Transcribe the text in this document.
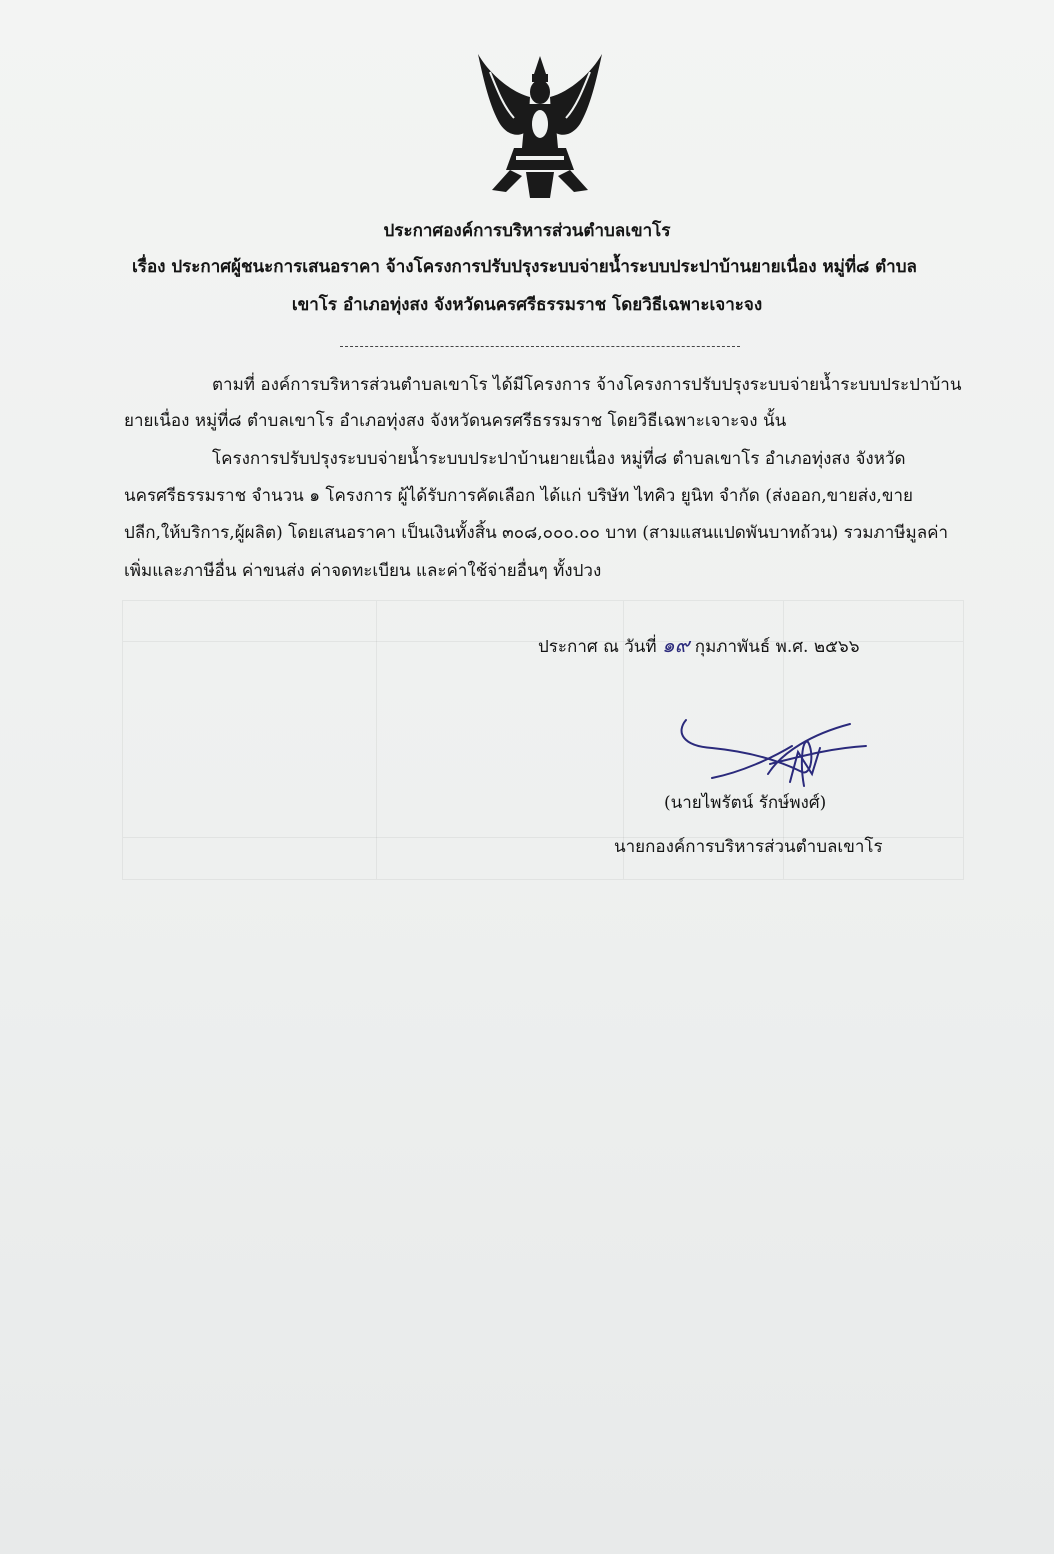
ประกาศองค์การบริหารส่วนตำบลเขาโร
เรื่อง ประกาศผู้ชนะการเสนอราคา จ้างโครงการปรับปรุงระบบจ่ายน้ำระบบประปาบ้านยายเนื่อง หมู่ที่๘ ตำบล
เขาโร อำเภอทุ่งสง จังหวัดนครศรีธรรมราช โดยวิธีเฉพาะเจาะจง
ตามที่ องค์การบริหารส่วนตำบลเขาโร ได้มีโครงการ จ้างโครงการปรับปรุงระบบจ่ายน้ำระบบประปาบ้าน
ยายเนื่อง หมู่ที่๘ ตำบลเขาโร อำเภอทุ่งสง จังหวัดนครศรีธรรมราช โดยวิธีเฉพาะเจาะจง นั้น
โครงการปรับปรุงระบบจ่ายน้ำระบบประปาบ้านยายเนื่อง หมู่ที่๘ ตำบลเขาโร อำเภอทุ่งสง จังหวัด
นครศรีธรรมราช จำนวน ๑ โครงการ ผู้ได้รับการคัดเลือก ได้แก่ บริษัท ไทคิว ยูนิท จำกัด (ส่งออก,ขายส่ง,ขาย
ปลีก,ให้บริการ,ผู้ผลิต) โดยเสนอราคา เป็นเงินทั้งสิ้น ๓๐๘,๐๐๐.๐๐ บาท (สามแสนแปดพันบาทถ้วน) รวมภาษีมูลค่า
เพิ่มและภาษีอื่น ค่าขนส่ง ค่าจดทะเบียน และค่าใช้จ่ายอื่นๆ ทั้งปวง
ประกาศ ณ วันที่ ๑๙ กุมภาพันธ์ พ.ศ. ๒๕๖๖
(นายไพรัตน์ รักษ์พงศ์)
นายกองค์การบริหารส่วนตำบลเขาโร
